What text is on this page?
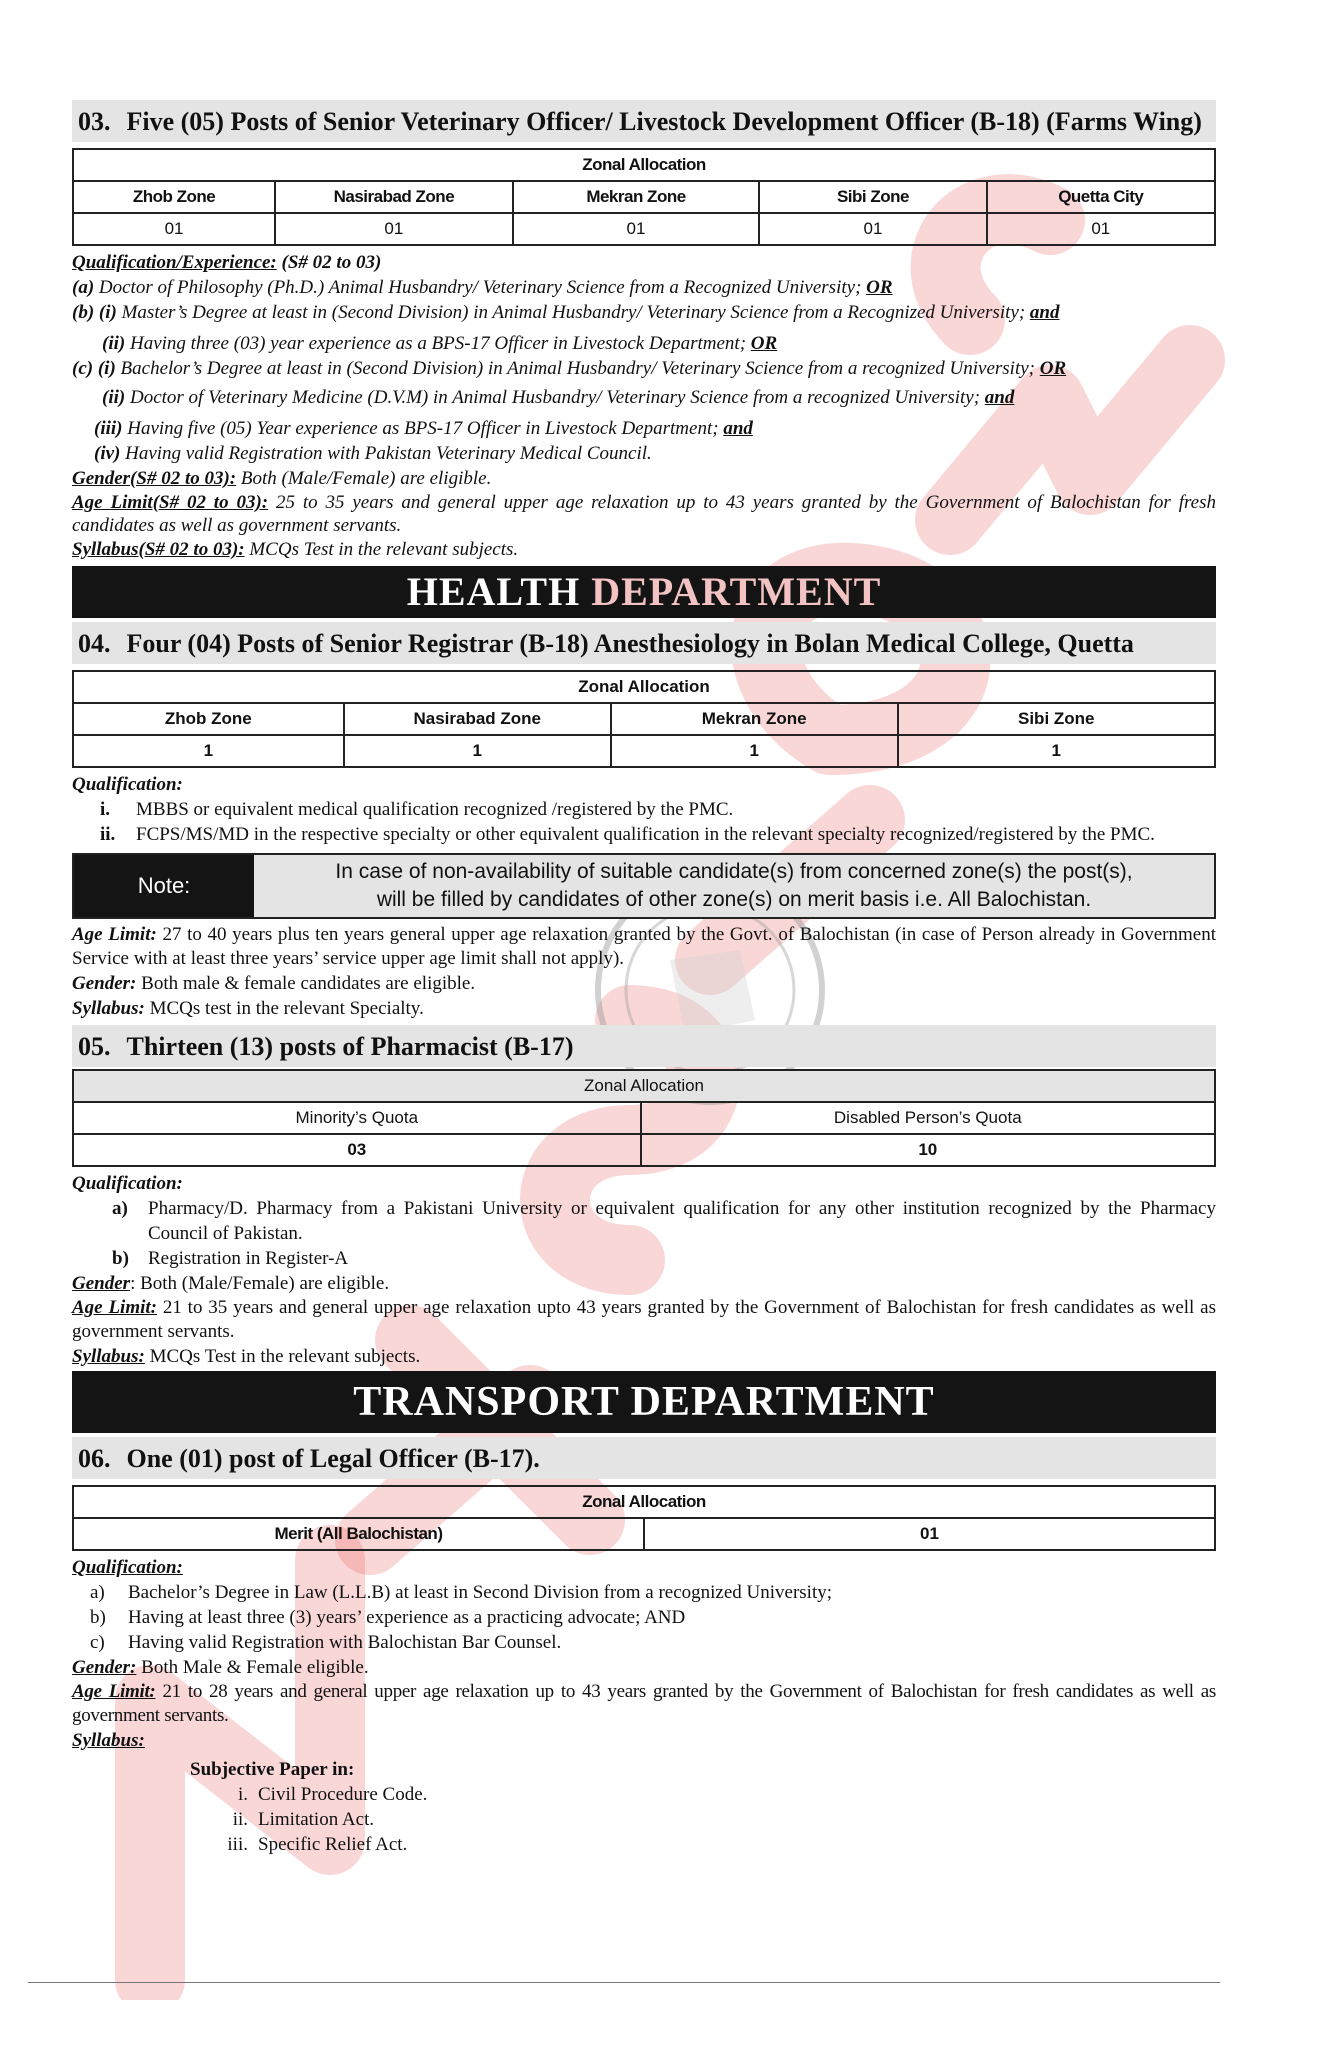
03. Five (05) Posts of Senior Veterinary Officer/ Livestock Development Officer (B-18) (Farms Wing)
Zonal Allocation				
Zhob Zone	Nasirabad Zone	Mekran Zone	Sibi Zone	Quetta City
01	01	01	01	01
Qualification/Experience: (S# 02 to 03)
(a) Doctor of Philosophy (Ph.D.) Animal Husbandry/ Veterinary Science from a Recognized University; OR
(b) (i) Master’s Degree at least in (Second Division) in Animal Husbandry/ Veterinary Science from a Recognized University; and
(ii) Having three (03) year experience as a BPS-17 Officer in Livestock Department; OR
(c) (i) Bachelor’s Degree at least in (Second Division) in Animal Husbandry/ Veterinary Science from a recognized University; OR
(ii) Doctor of Veterinary Medicine (D.V.M) in Animal Husbandry/ Veterinary Science from a recognized University; and
(iii) Having five (05) Year experience as BPS-17 Officer in Livestock Department; and
(iv) Having valid Registration with Pakistan Veterinary Medical Council.
Gender(S# 02 to 03): Both (Male/Female) are eligible.
Age Limit(S# 02 to 03): 25 to 35 years and general upper age relaxation up to 43 years granted by the Government of Balochistan for fresh candidates as well as government servants.
Syllabus(S# 02 to 03): MCQs Test in the relevant subjects.
HEALTH DEPARTMENT
04. Four (04) Posts of Senior Registrar (B-18) Anesthesiology in Bolan Medical College, Quetta
Zonal Allocation			
Zhob Zone	Nasirabad Zone	Mekran Zone	Sibi Zone
1	1	1	1
Qualification:
i.	MBBS or equivalent medical qualification recognized /registered by the PMC.
ii.	FCPS/MS/MD in the respective specialty or other equivalent qualification in the relevant specialty recognized/registered by the PMC.
Note:
In case of non-availability of suitable candidate(s) from concerned zone(s) the post(s),
will be filled by candidates of other zone(s) on merit basis i.e. All Balochistan.
Age Limit: 27 to 40 years plus ten years general upper age relaxation granted by the Govt. of Balochistan (in case of Person already in Government Service with at least three years’ service upper age limit shall not apply).
Gender: Both male & female candidates are eligible.
Syllabus: MCQs test in the relevant Specialty.
05. Thirteen (13) posts of Pharmacist (B-17)
Zonal Allocation	
Minority’s Quota	Disabled Person’s Quota
03	10
Qualification:
a)	Pharmacy/D. Pharmacy from a Pakistani University or equivalent qualification for any other institution recognized by the Pharmacy Council of Pakistan.
b)	Registration in Register-A
Gender: Both (Male/Female) are eligible.
Age Limit: 21 to 35 years and general upper age relaxation upto 43 years granted by the Government of Balochistan for fresh candidates as well as government servants.
Syllabus: MCQs Test in the relevant subjects.
TRANSPORT DEPARTMENT
06. One (01) post of Legal Officer (B-17).
Zonal Allocation
Merit (All Balochistan)	01
Qualification:
a)	Bachelor’s Degree in Law (L.L.B) at least in Second Division from a recognized University;
b)	Having at least three (3) years’ experience as a practicing advocate; AND
c)	Having valid Registration with Balochistan Bar Counsel.
Gender: Both Male & Female eligible.
Age Limit: 21 to 28 years and general upper age relaxation up to 43 years granted by the Government of Balochistan for fresh candidates as well as government servants.
Syllabus:
Subjective Paper in:
i. Civil Procedure Code.
ii. Limitation Act.
iii. Specific Relief Act.
